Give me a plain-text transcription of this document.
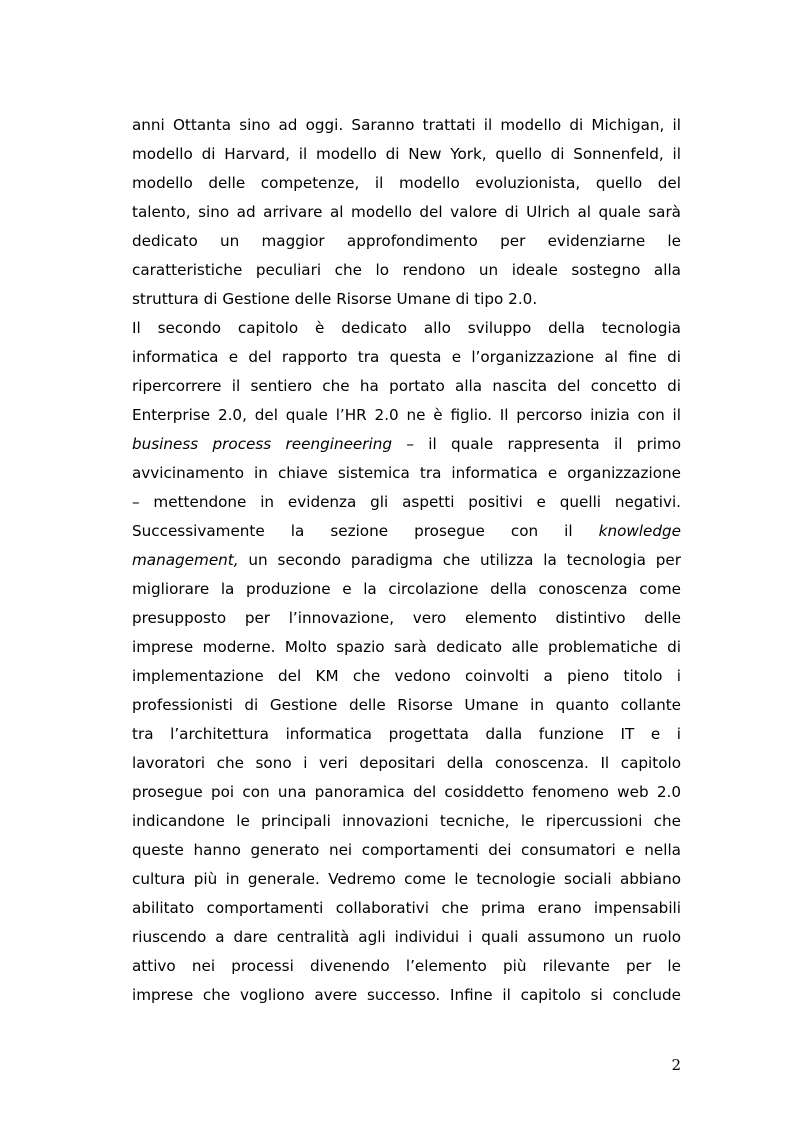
anni Ottanta sino ad oggi. Saranno trattati il modello di Michigan, il
modello di Harvard, il modello di New York, quello di Sonnenfeld, il
modello delle competenze, il modello evoluzionista, quello del
talento, sino ad arrivare al modello del valore di Ulrich al quale sarà
dedicato un maggior approfondimento per evidenziarne le
caratteristiche peculiari che lo rendono un ideale sostegno alla
struttura di Gestione delle Risorse Umane di tipo 2.0.
Il secondo capitolo è dedicato allo sviluppo della tecnologia
informatica e del rapporto tra questa e l’organizzazione al fine di
ripercorrere il sentiero che ha portato alla nascita del concetto di
Enterprise 2.0, del quale l’HR 2.0 ne è figlio. Il percorso inizia con il
business process reengineering – il quale rappresenta il primo
avvicinamento in chiave sistemica tra informatica e organizzazione
– mettendone in evidenza gli aspetti positivi e quelli negativi.
Successivamente la sezione prosegue con il knowledge
management, un secondo paradigma che utilizza la tecnologia per
migliorare la produzione e la circolazione della conoscenza come
presupposto per l’innovazione, vero elemento distintivo delle
imprese moderne. Molto spazio sarà dedicato alle problematiche di
implementazione del KM che vedono coinvolti a pieno titolo i
professionisti di Gestione delle Risorse Umane in quanto collante
tra l’architettura informatica progettata dalla funzione IT e i
lavoratori che sono i veri depositari della conoscenza. Il capitolo
prosegue poi con una panoramica del cosiddetto fenomeno web 2.0
indicandone le principali innovazioni tecniche, le ripercussioni che
queste hanno generato nei comportamenti dei consumatori e nella
cultura più in generale. Vedremo come le tecnologie sociali abbiano
abilitato comportamenti collaborativi che prima erano impensabili
riuscendo a dare centralità agli individui i quali assumono un ruolo
attivo nei processi divenendo l’elemento più rilevante per le
imprese che vogliono avere successo. Infine il capitolo si conclude
2
